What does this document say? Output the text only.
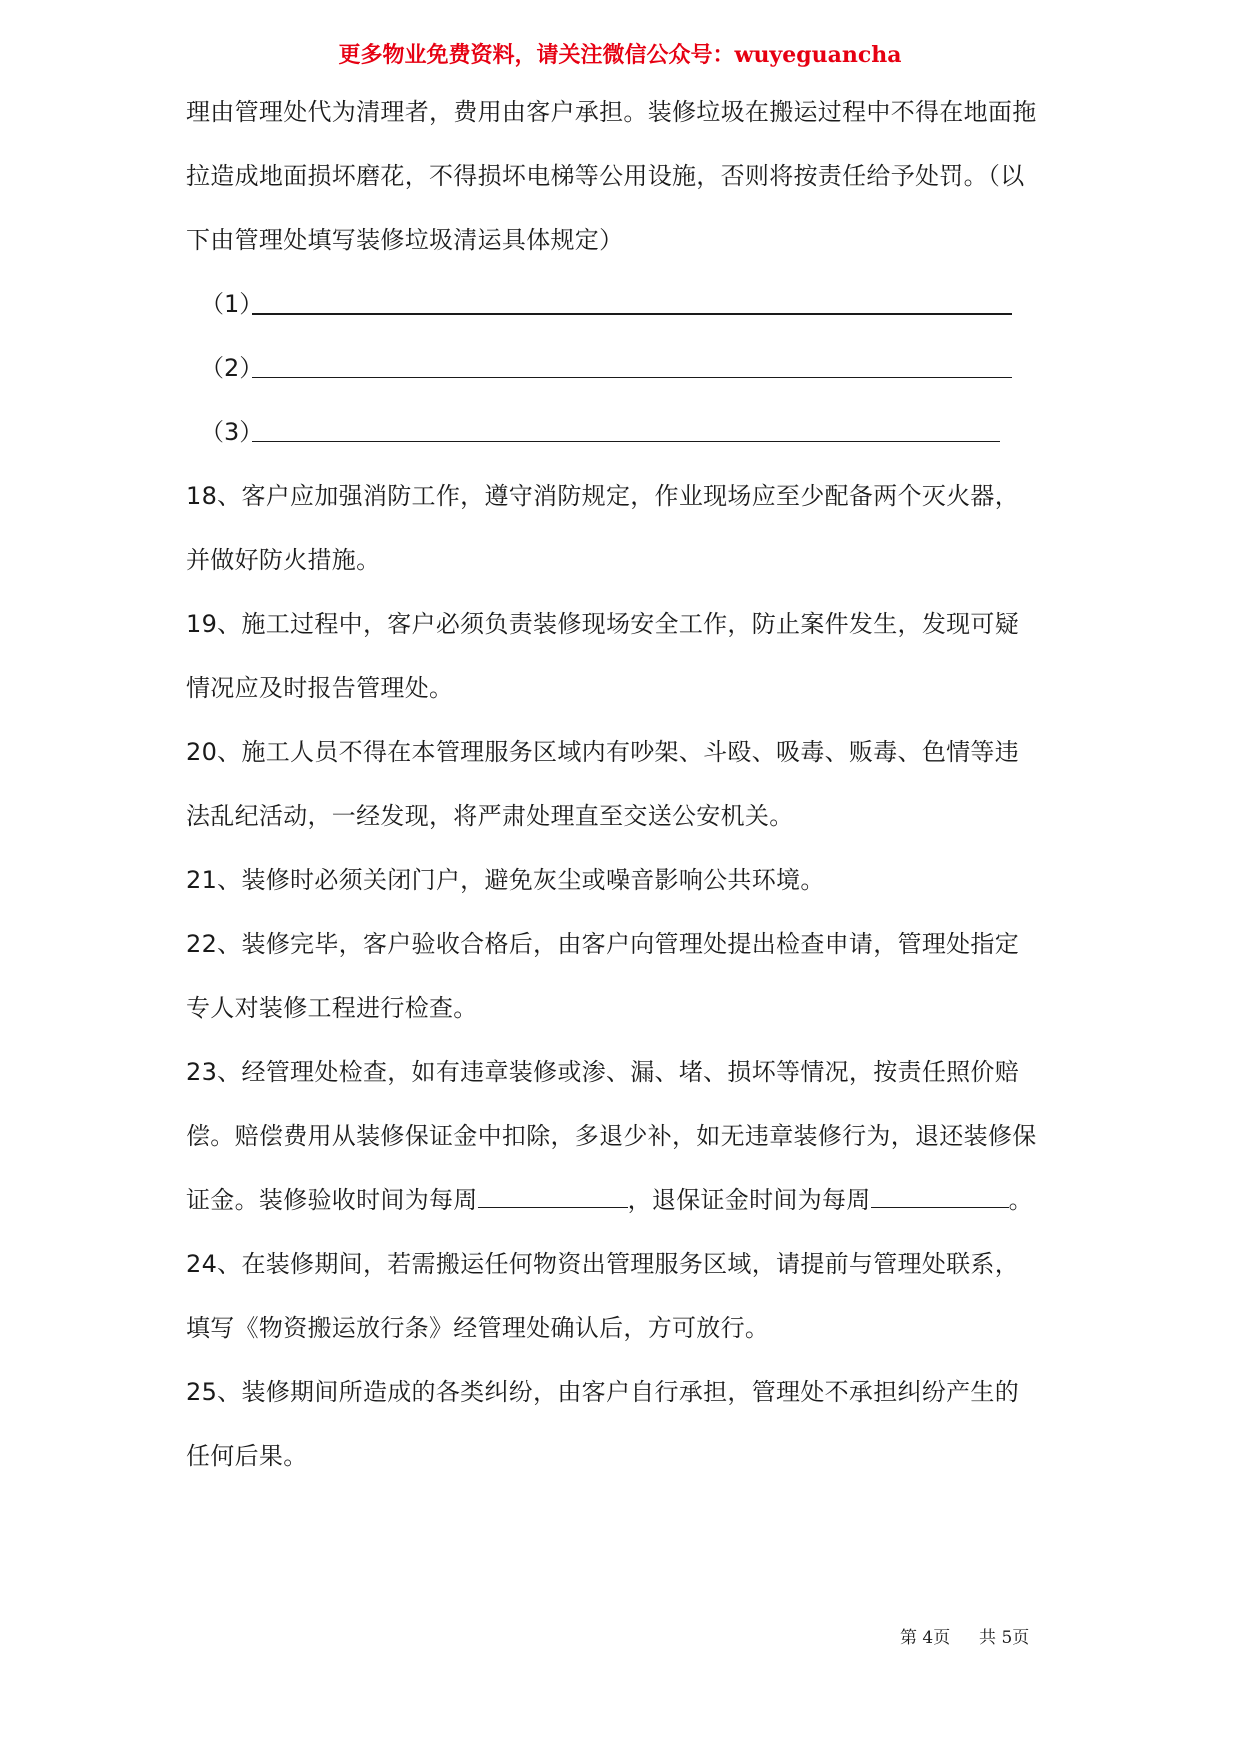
更多物业免费资料，请关注微信公众号：wuyeguancha
理由管理处代为清理者，费用由客户承担。装修垃圾在搬运过程中不得在地面拖
拉造成地面损坏磨花，不得损坏电梯等公用设施，否则将按责任给予处罚。（以
下由管理处填写装修垃圾清运具体规定）
（1）
（2）
（3）
18、客户应加强消防工作，遵守消防规定，作业现场应至少配备两个灭火器，
并做好防火措施。
19、施工过程中，客户必须负责装修现场安全工作，防止案件发生，发现可疑
情况应及时报告管理处。
20、施工人员不得在本管理服务区域内有吵架、斗殴、吸毒、贩毒、色情等违
法乱纪活动，一经发现，将严肃处理直至交送公安机关。
21、装修时必须关闭门户，避免灰尘或噪音影响公共环境。
22、装修完毕，客户验收合格后，由客户向管理处提出检查申请，管理处指定
专人对装修工程进行检查。
23、经管理处检查，如有违章装修或渗、漏、堵、损坏等情况，按责任照价赔
偿。赔偿费用从装修保证金中扣除，多退少补，如无违章装修行为，退还装修保
证金。装修验收时间为每周	，退保证金时间为每周	。
24、在装修期间，若需搬运任何物资出管理服务区域，请提前与管理处联系，
填写《物资搬运放行条》经管理处确认后，方可放行。
25、装修期间所造成的各类纠纷，由客户自行承担，管理处不承担纠纷产生的
任何后果。
第 4页 共 5页
